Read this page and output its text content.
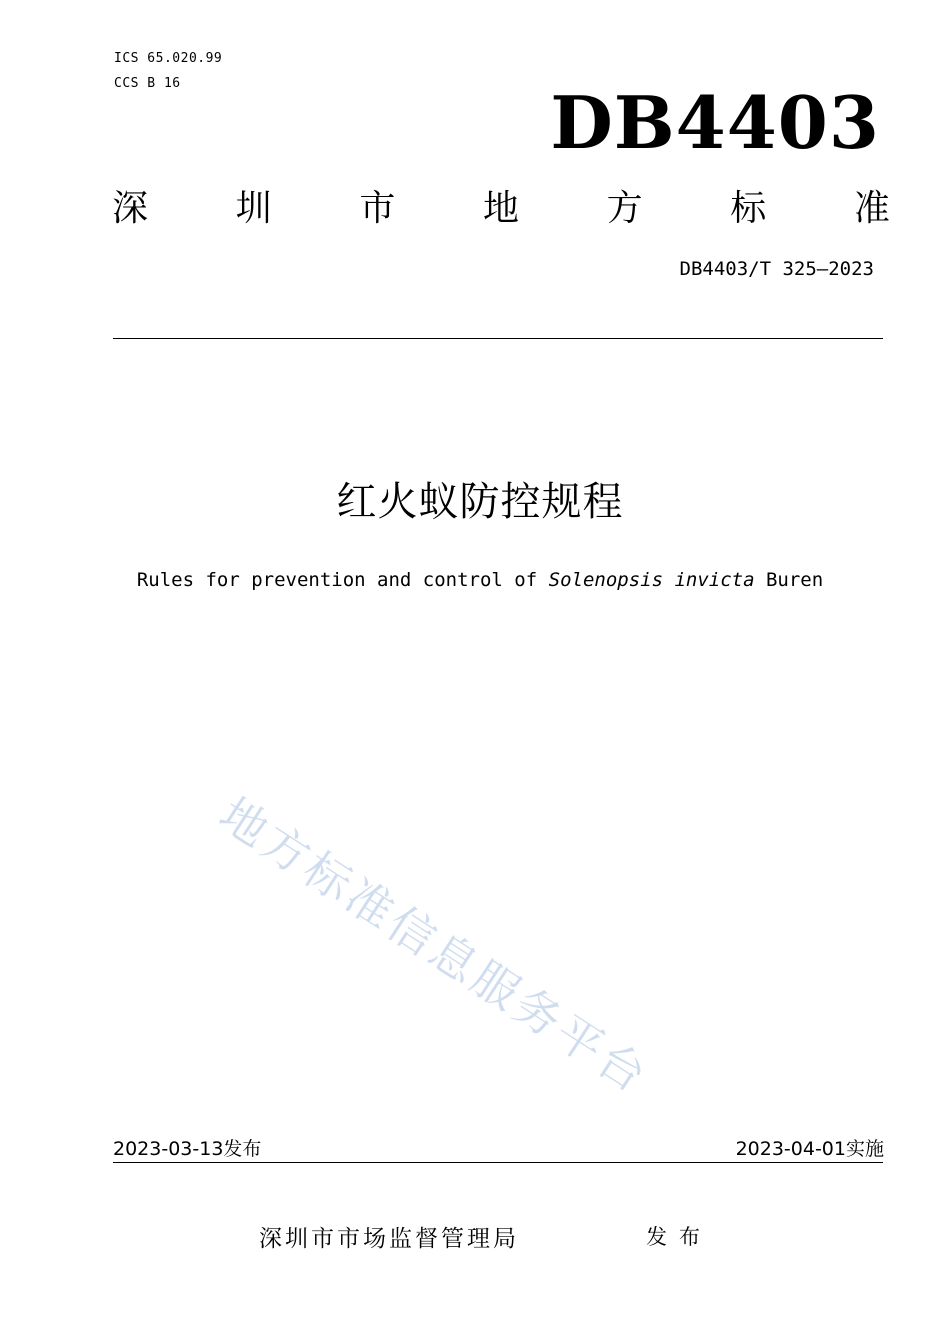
ICS 65.020.99
CCS B 16	DB4403
深 圳 市 地 方 标 准
DB4403/T 325—2023
红火蚁防控规程
Rules for prevention and control of Solenopsis invicta Buren
地方标准信息服务平台
2023-03-13发布	2023-04-01实施
深圳市市场监督管理局	发布
